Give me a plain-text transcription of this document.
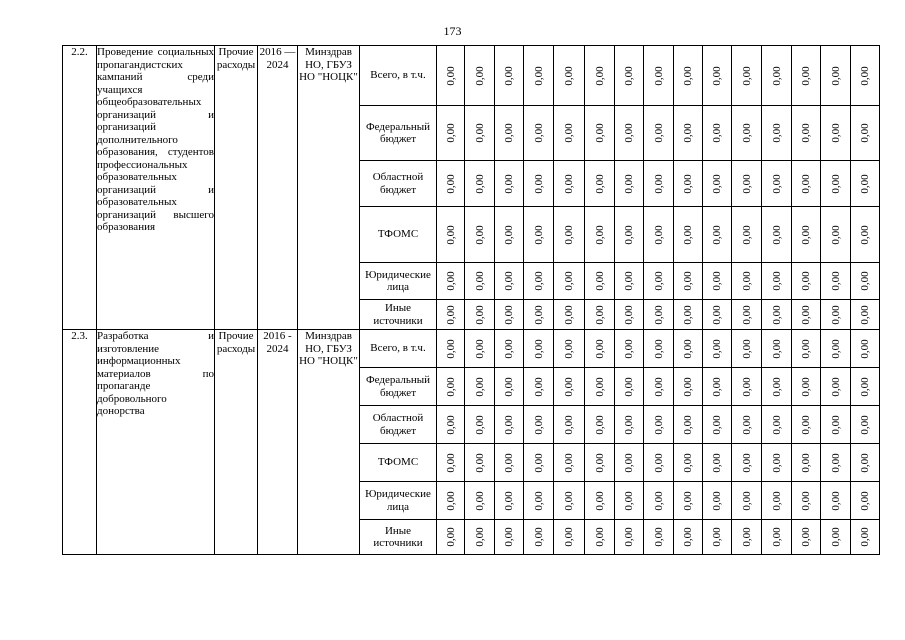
173
2.2.	Проведение социальных пропагандистских кампаний среди учащихся общеобразовательных организаций и организаций дополнительного образования, студентов профессиональных образовательных организаций и образовательных организаций высшего образования	Прочие расходы	2016 — 2024	Минздрав НО, ГБУЗ НО "НОЦК"	Всего, в т.ч.	0,00	0,00	0,00	0,00	0,00	0,00	0,00	0,00	0,00	0,00	0,00	0,00	0,00	0,00	0,00

					Федеральный бюджет	0,00	0,00	0,00	0,00	0,00	0,00	0,00	0,00	0,00	0,00	0,00	0,00	0,00	0,00	0,00

					Областной бюджет	0,00	0,00	0,00	0,00	0,00	0,00	0,00	0,00	0,00	0,00	0,00	0,00	0,00	0,00	0,00

					ТФОМС	0,00	0,00	0,00	0,00	0,00	0,00	0,00	0,00	0,00	0,00	0,00	0,00	0,00	0,00	0,00

					Юридические лица	0,00	0,00	0,00	0,00	0,00	0,00	0,00	0,00	0,00	0,00	0,00	0,00	0,00	0,00	0,00

					Иные источники	0,00	0,00	0,00	0,00	0,00	0,00	0,00	0,00	0,00	0,00	0,00	0,00	0,00	0,00	0,00

2.3.	Разработка и изготовление информационных материалов по пропаганде добровольного донорства	Прочие расходы	2016 - 2024	Минздрав НО, ГБУЗ НО "НОЦК"	Всего, в т.ч.	0,00	0,00	0,00	0,00	0,00	0,00	0,00	0,00	0,00	0,00	0,00	0,00	0,00	0,00	0,00

					Федеральный бюджет	0,00	0,00	0,00	0,00	0,00	0,00	0,00	0,00	0,00	0,00	0,00	0,00	0,00	0,00	0,00

					Областной бюджет	0,00	0,00	0,00	0,00	0,00	0,00	0,00	0,00	0,00	0,00	0,00	0,00	0,00	0,00	0,00

					ТФОМС	0,00	0,00	0,00	0,00	0,00	0,00	0,00	0,00	0,00	0,00	0,00	0,00	0,00	0,00	0,00

					Юридические лица	0,00	0,00	0,00	0,00	0,00	0,00	0,00	0,00	0,00	0,00	0,00	0,00	0,00	0,00	0,00

					Иные источники	0,00	0,00	0,00	0,00	0,00	0,00	0,00	0,00	0,00	0,00	0,00	0,00	0,00	0,00	0,00
